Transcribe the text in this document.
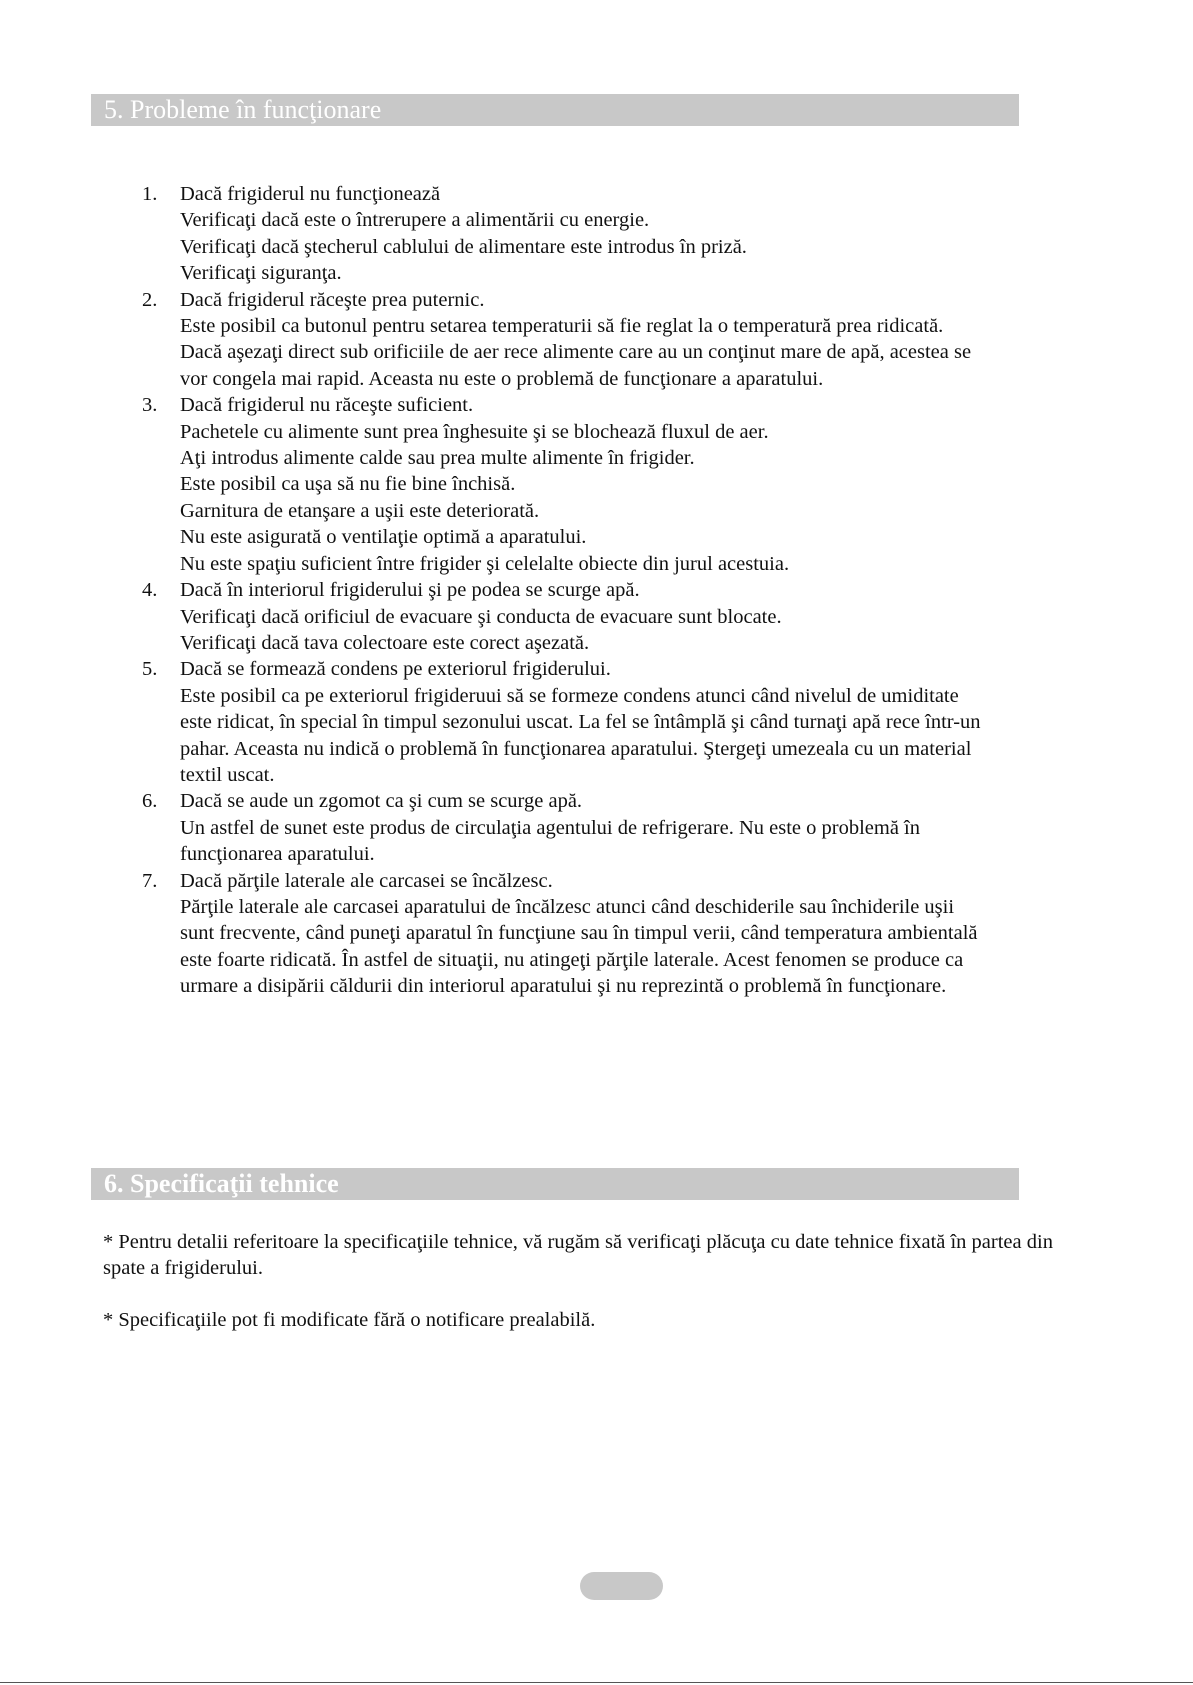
5. Probleme în funcţionare
1. Dacă frigiderul nu funcţionează
Verificaţi dacă este o întrerupere a alimentării cu energie.
Verificaţi dacă ştecherul cablului de alimentare este introdus în priză.
Verificaţi siguranţa.
2. Dacă frigiderul răceşte prea puternic.
Este posibil ca butonul pentru setarea temperaturii să fie reglat la o temperatură prea ridicată.
Dacă aşezaţi direct sub orificiile de aer rece alimente care au un conţinut mare de apă, acestea se
vor congela mai rapid. Aceasta nu este o problemă de funcţionare a aparatului.
3. Dacă frigiderul nu răceşte suficient.
Pachetele cu alimente sunt prea înghesuite şi se blochează fluxul de aer.
Aţi introdus alimente calde sau prea multe alimente în frigider.
Este posibil ca uşa să nu fie bine închisă.
Garnitura de etanşare a uşii este deteriorată.
Nu este asigurată o ventilaţie optimă a aparatului.
Nu este spaţiu suficient între frigider şi celelalte obiecte din jurul acestuia.
4. Dacă în interiorul frigiderului şi pe podea se scurge apă.
Verificaţi dacă orificiul de evacuare şi conducta de evacuare sunt blocate.
Verificaţi dacă tava colectoare este corect aşezată.
5. Dacă se formează condens pe exteriorul frigiderului.
Este posibil ca pe exteriorul frigideruui să se formeze condens atunci când nivelul de umiditate
este ridicat, în special în timpul sezonului uscat. La fel se întâmplă şi când turnaţi apă rece într-un
pahar. Aceasta nu indică o problemă în funcţionarea aparatului. Ştergeţi umezeala cu un material
textil uscat.
6. Dacă se aude un zgomot ca şi cum se scurge apă.
Un astfel de sunet este produs de circulaţia agentului de refrigerare. Nu este o problemă în
funcţionarea aparatului.
7. Dacă părţile laterale ale carcasei se încălzesc.
Părţile laterale ale carcasei aparatului de încălzesc atunci când deschiderile sau închiderile uşii
sunt frecvente, când puneţi aparatul în funcţiune sau în timpul verii, când temperatura ambientală
este foarte ridicată. În astfel de situaţii, nu atingeţi părţile laterale. Acest fenomen se produce ca
urmare a disipării căldurii din interiorul aparatului şi nu reprezintă o problemă în funcţionare.
6. Specificaţii tehnice

* Pentru detalii referitoare la specificaţiile tehnice, vă rugăm să verificaţi plăcuţa cu date tehnice fixată în partea din spate a frigiderului.

* Specificaţiile pot fi modificate fără o notificare prealabilă.
